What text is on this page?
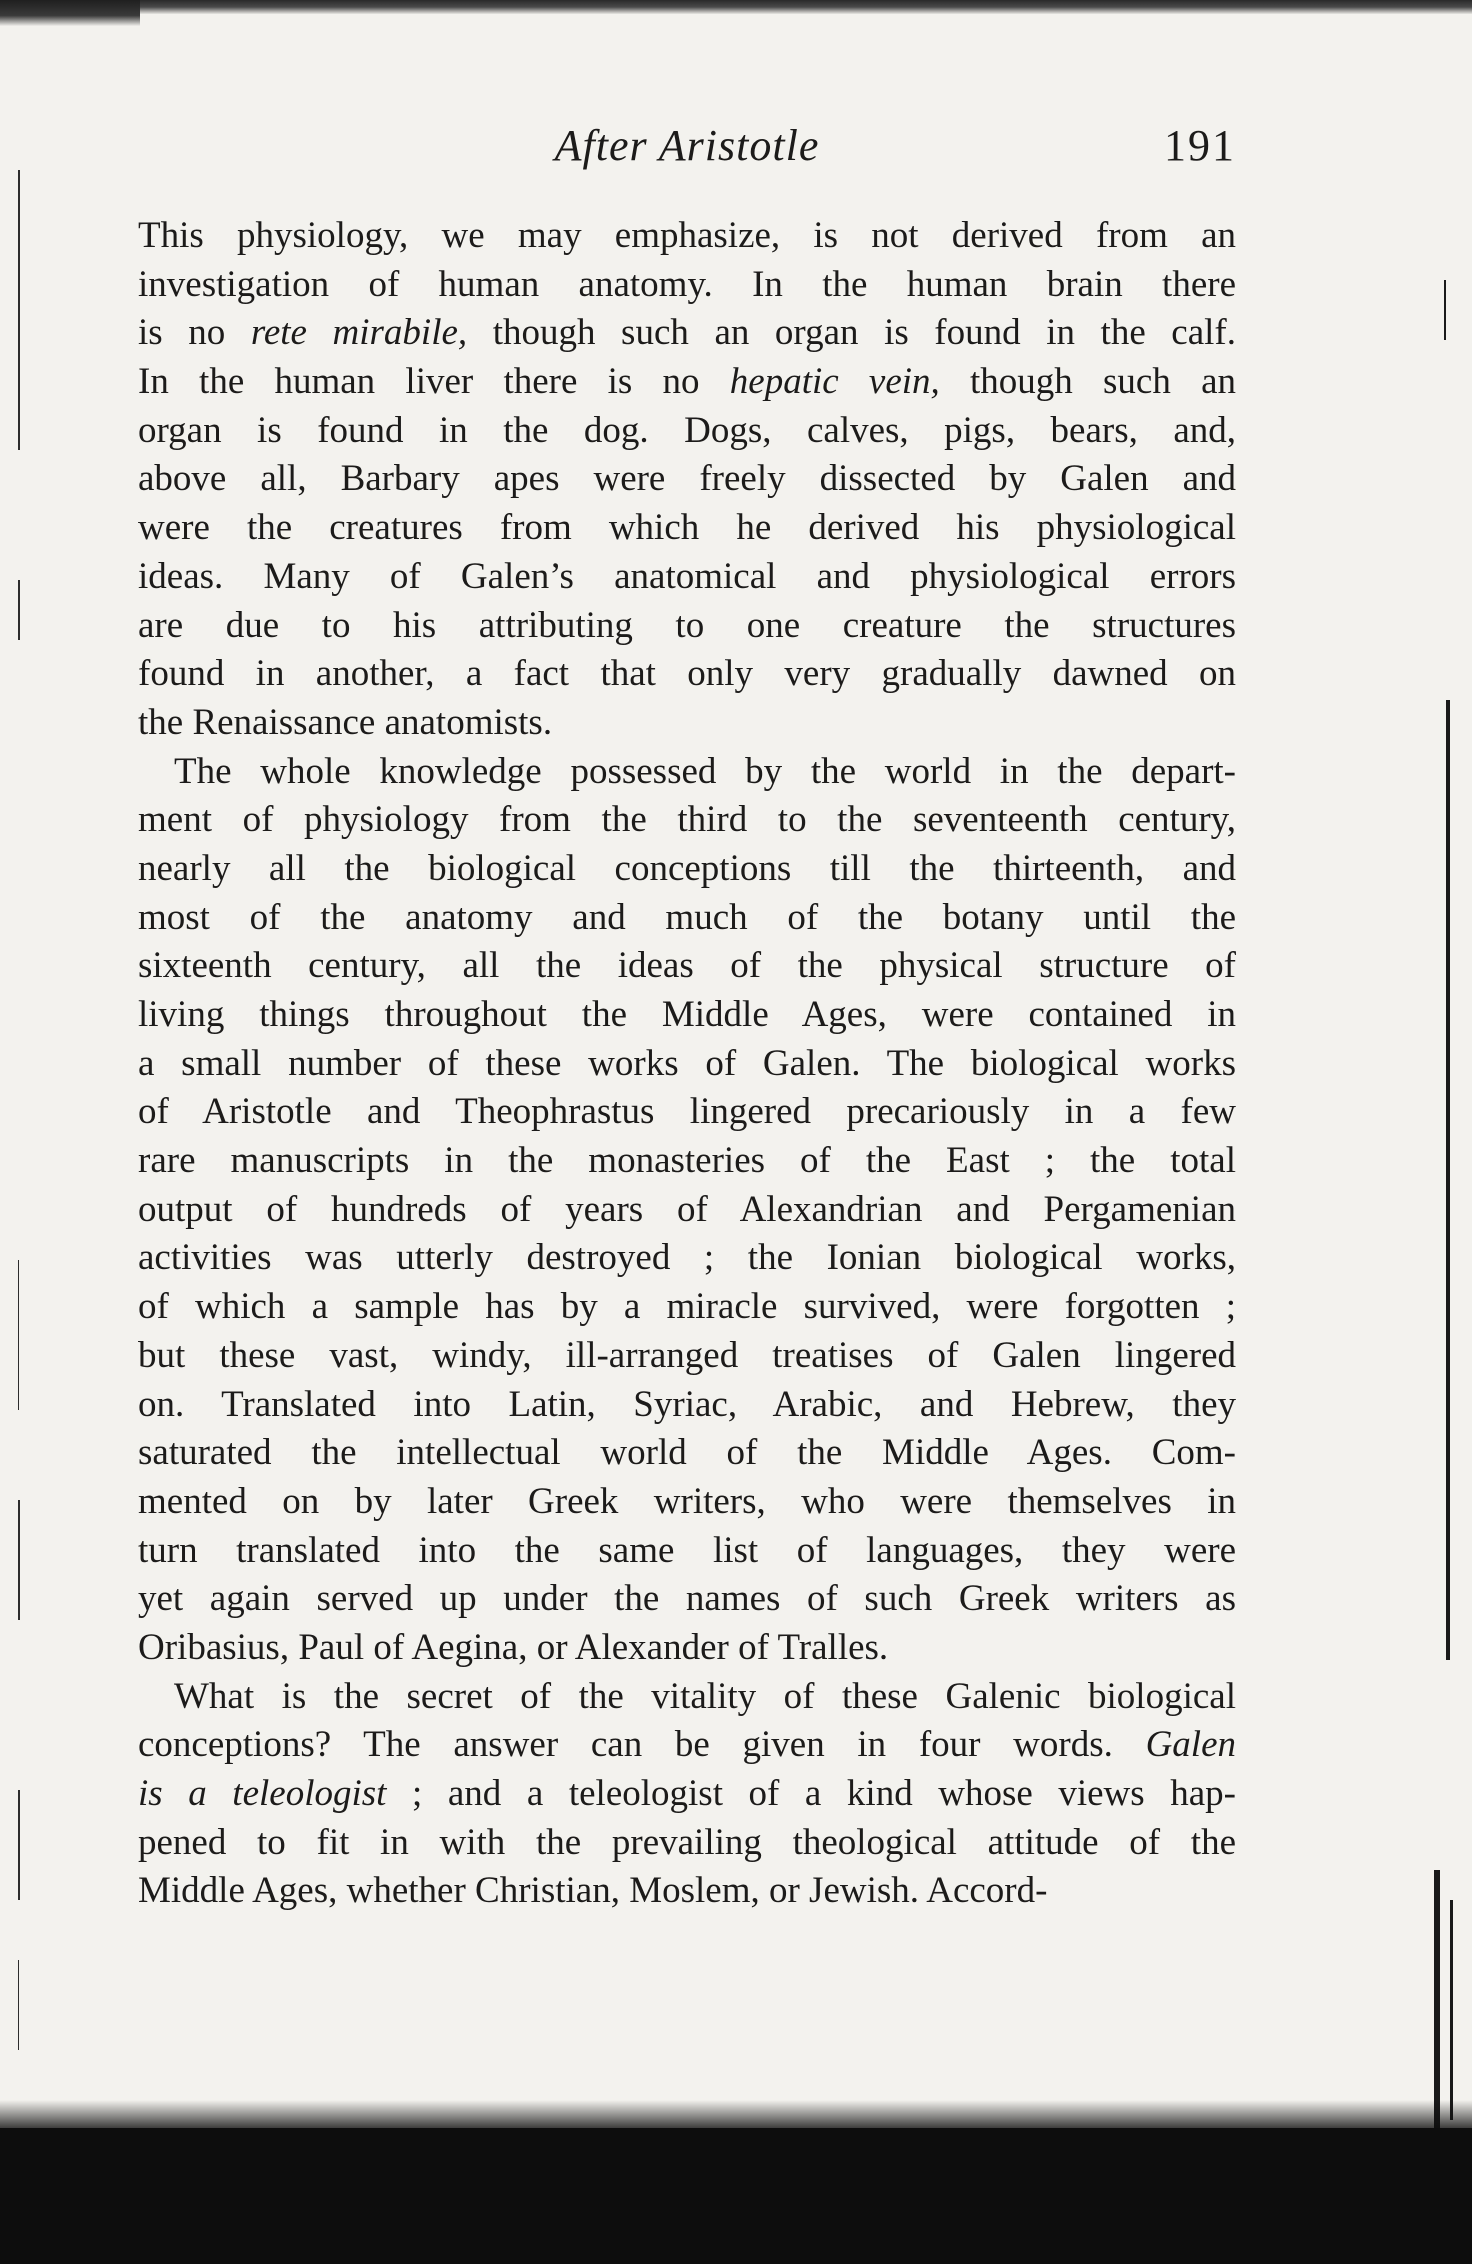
After Aristotle	191
This physiology, we may emphasize, is not derived from an
investigation of human anatomy. In the human brain there
is no rete mirabile, though such an organ is found in the calf.
In the human liver there is no hepatic vein, though such an
organ is found in the dog. Dogs, calves, pigs, bears, and,
above all, Barbary apes were freely dissected by Galen and
were the creatures from which he derived his physiological
ideas. Many of Galen’s anatomical and physiological errors
are due to his attributing to one creature the structures
found in another, a fact that only very gradually dawned on
the Renaissance anatomists.
The whole knowledge possessed by the world in the depart-
ment of physiology from the third to the seventeenth century,
nearly all the biological conceptions till the thirteenth, and
most of the anatomy and much of the botany until the
sixteenth century, all the ideas of the physical structure of
living things throughout the Middle Ages, were contained in
a small number of these works of Galen. The biological works
of Aristotle and Theophrastus lingered precariously in a few
rare manuscripts in the monasteries of the East ; the total
output of hundreds of years of Alexandrian and Pergamenian
activities was utterly destroyed ; the Ionian biological works,
of which a sample has by a miracle survived, were forgotten ;
but these vast, windy, ill-arranged treatises of Galen lingered
on. Translated into Latin, Syriac, Arabic, and Hebrew, they
saturated the intellectual world of the Middle Ages. Com-
mented on by later Greek writers, who were themselves in
turn translated into the same list of languages, they were
yet again served up under the names of such Greek writers as
Oribasius, Paul of Aegina, or Alexander of Tralles.
What is the secret of the vitality of these Galenic biological
conceptions? The answer can be given in four words. Galen
is a teleologist ; and a teleologist of a kind whose views hap-
pened to fit in with the prevailing theological attitude of the
Middle Ages, whether Christian, Moslem, or Jewish. Accord-
